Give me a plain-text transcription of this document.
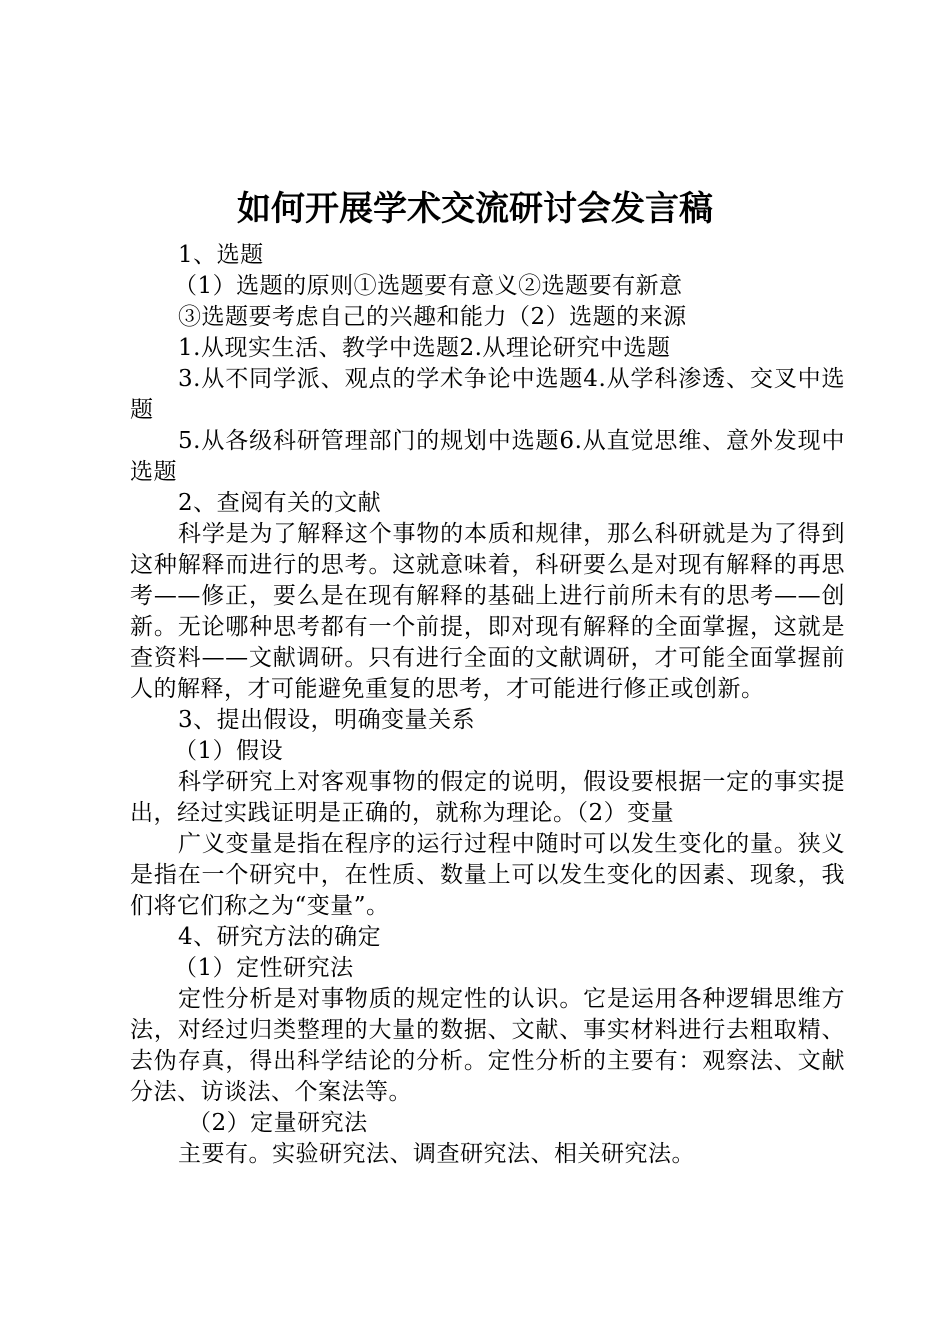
如何开展学术交流研讨会发言稿

1、选题

（1）选题的原则①选题要有意义②选题要有新意

③选题要考虑自己的兴趣和能力（2）选题的来源

1.从现实生活、教学中选题2.从理论研究中选题

3.从不同学派、观点的学术争论中选题4.从学科渗透、交叉中选题

5.从各级科研管理部门的规划中选题6.从直觉思维、意外发现中选题

2、查阅有关的文献

科学是为了解释这个事物的本质和规律，那么科研就是为了得到这种解释而进行的思考。这就意味着，科研要么是对现有解释的再思考——修正，要么是在现有解释的基础上进行前所未有的思考——创新。无论哪种思考都有一个前提，即对现有解释的全面掌握，这就是查资料——文献调研。只有进行全面的文献调研，才可能全面掌握前人的解释，才可能避免重复的思考，才可能进行修正或创新。

3、提出假设，明确变量关系

（1）假设

科学研究上对客观事物的假定的说明，假设要根据一定的事实提出，经过实践证明是正确的，就称为理论。（2）变量

广义变量是指在程序的运行过程中随时可以发生变化的量。狭义是指在一个研究中，在性质、数量上可以发生变化的因素、现象，我们将它们称之为“变量”。

4、研究方法的确定

（1）定性研究法

定性分析是对事物质的规定性的认识。它是运用各种逻辑思维方法，对经过归类整理的大量的数据、文献、事实材料进行去粗取精、去伪存真，得出科学结论的分析。定性分析的主要有：观察法、文献分法、访谈法、个案法等。

（2）定量研究法

主要有。实验研究法、调查研究法、相关研究法。
